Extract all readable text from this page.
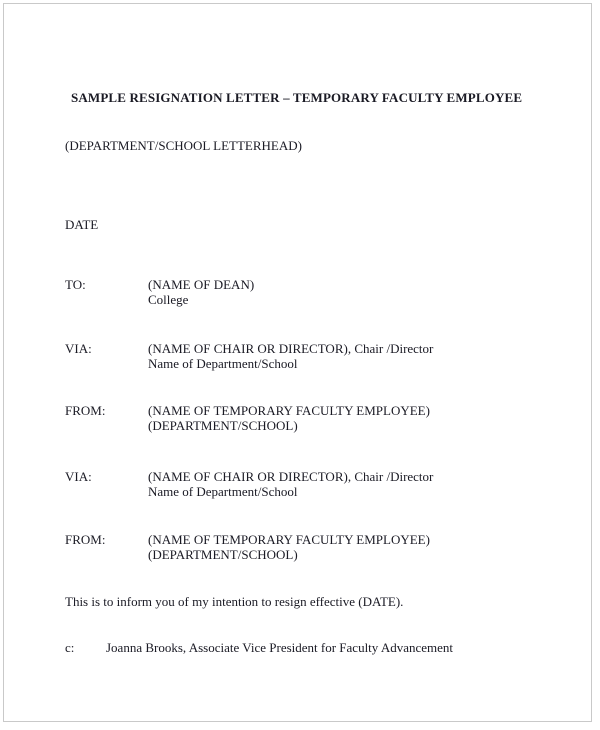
SAMPLE RESIGNATION LETTER – TEMPORARY FACULTY EMPLOYEE
(DEPARTMENT/SCHOOL LETTERHEAD)
DATE
TO:	(NAME OF DEAN)
College
VIA:	(NAME OF CHAIR OR DIRECTOR), Chair /Director
Name of Department/School
FROM:	(NAME OF TEMPORARY FACULTY EMPLOYEE)
(DEPARTMENT/SCHOOL)
VIA:	(NAME OF CHAIR OR DIRECTOR), Chair /Director
Name of Department/School
FROM:	(NAME OF TEMPORARY FACULTY EMPLOYEE)
(DEPARTMENT/SCHOOL)
This is to inform you of my intention to resign effective (DATE).
c: Joanna Brooks, Associate Vice President for Faculty Advancement
